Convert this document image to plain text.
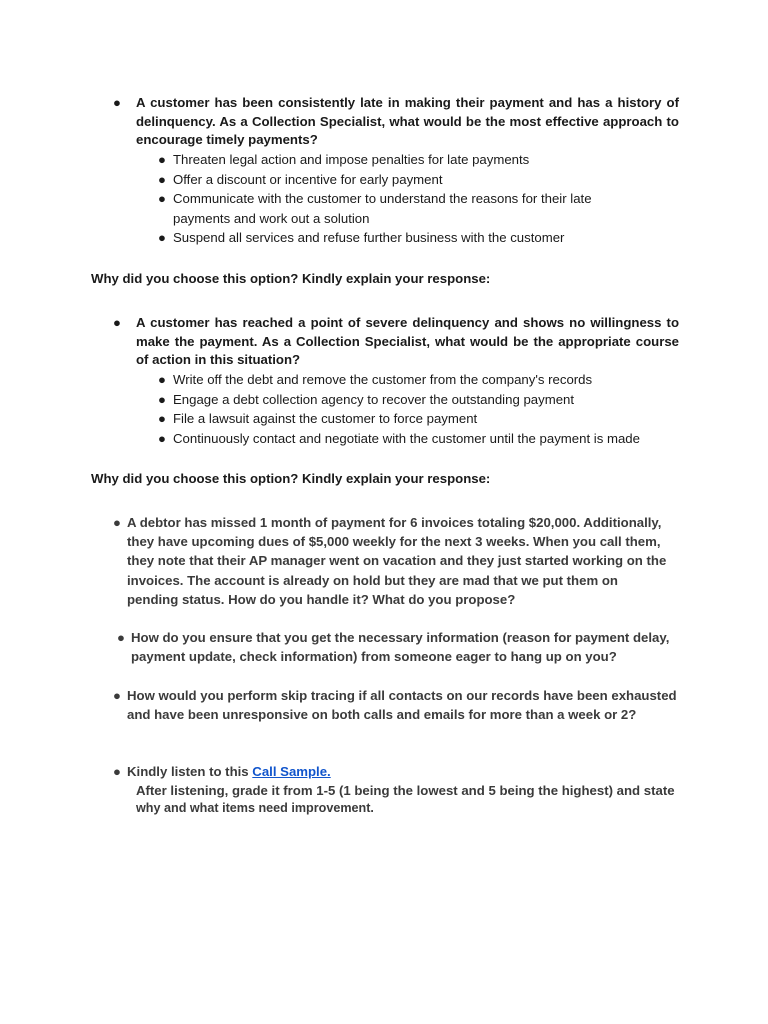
●	A customer has been consistently late in making their payment and has a history of delinquency. As a Collection Specialist, what would be the most effective approach to encourage timely payments?
● Threaten legal action and impose penalties for late payments
● Offer a discount or incentive for early payment
● Communicate with the customer to understand the reasons for their late payments and work out a solution
● Suspend all services and refuse further business with the customer
Why did you choose this option? Kindly explain your response:
●	A customer has reached a point of severe delinquency and shows no willingness to make the payment. As a Collection Specialist, what would be the appropriate course of action in this situation?
● Write off the debt and remove the customer from the company's records
● Engage a debt collection agency to recover the outstanding payment
● File a lawsuit against the customer to force payment
● Continuously contact and negotiate with the customer until the payment is made
Why did you choose this option? Kindly explain your response:
● A debtor has missed 1 month of payment for 6 invoices totaling $20,000. Additionally, they have upcoming dues of $5,000 weekly for the next 3 weeks. When you call them, they note that their AP manager went on vacation and they just started working on the invoices. The account is already on hold but they are mad that we put them on pending status. How do you handle it? What do you propose?
● How do you ensure that you get the necessary information (reason for payment delay, payment update, check information) from someone eager to hang up on you?
● How would you perform skip tracing if all contacts on our records have been exhausted and have been unresponsive on both calls and emails for more than a week or 2?
● Kindly listen to this Call Sample.
After listening, grade it from 1-5 (1 being the lowest and 5 being the highest) and state
why and what items need improvement.
